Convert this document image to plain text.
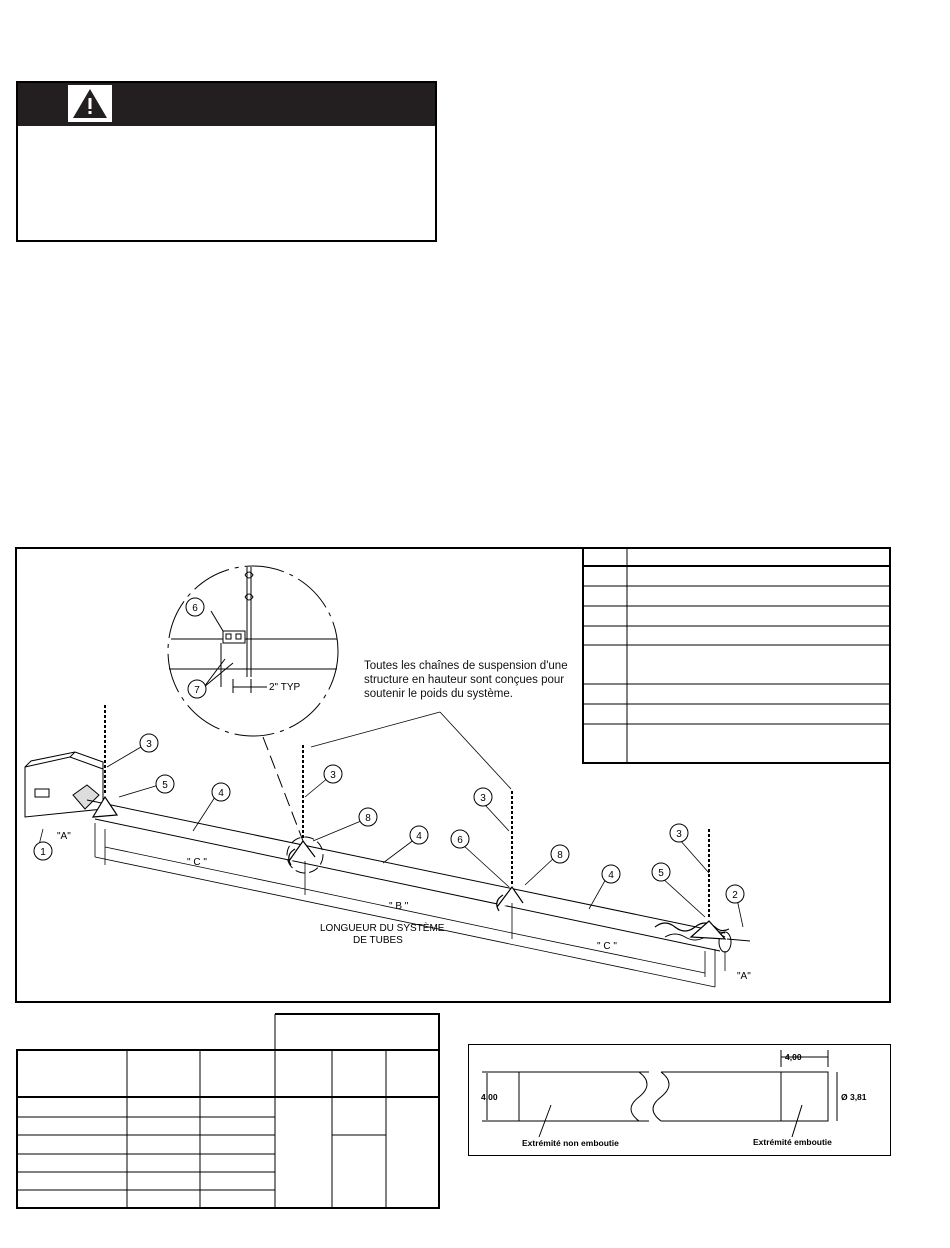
3
5
4
1
6
7
3
8
4
3
6
8
4	5
3
2
2" TYP
"A"
"A"
" C "
" B "
" C "
LONGUEUR DU SYSTÈME
DE TUBES
Toutes les chaînes de suspension d'une
structure en hauteur sont conçues pour
soutenir le poids du système.
4,00
4,00	Ø 3,81
Extrémité non emboutie	Extrémité emboutie
